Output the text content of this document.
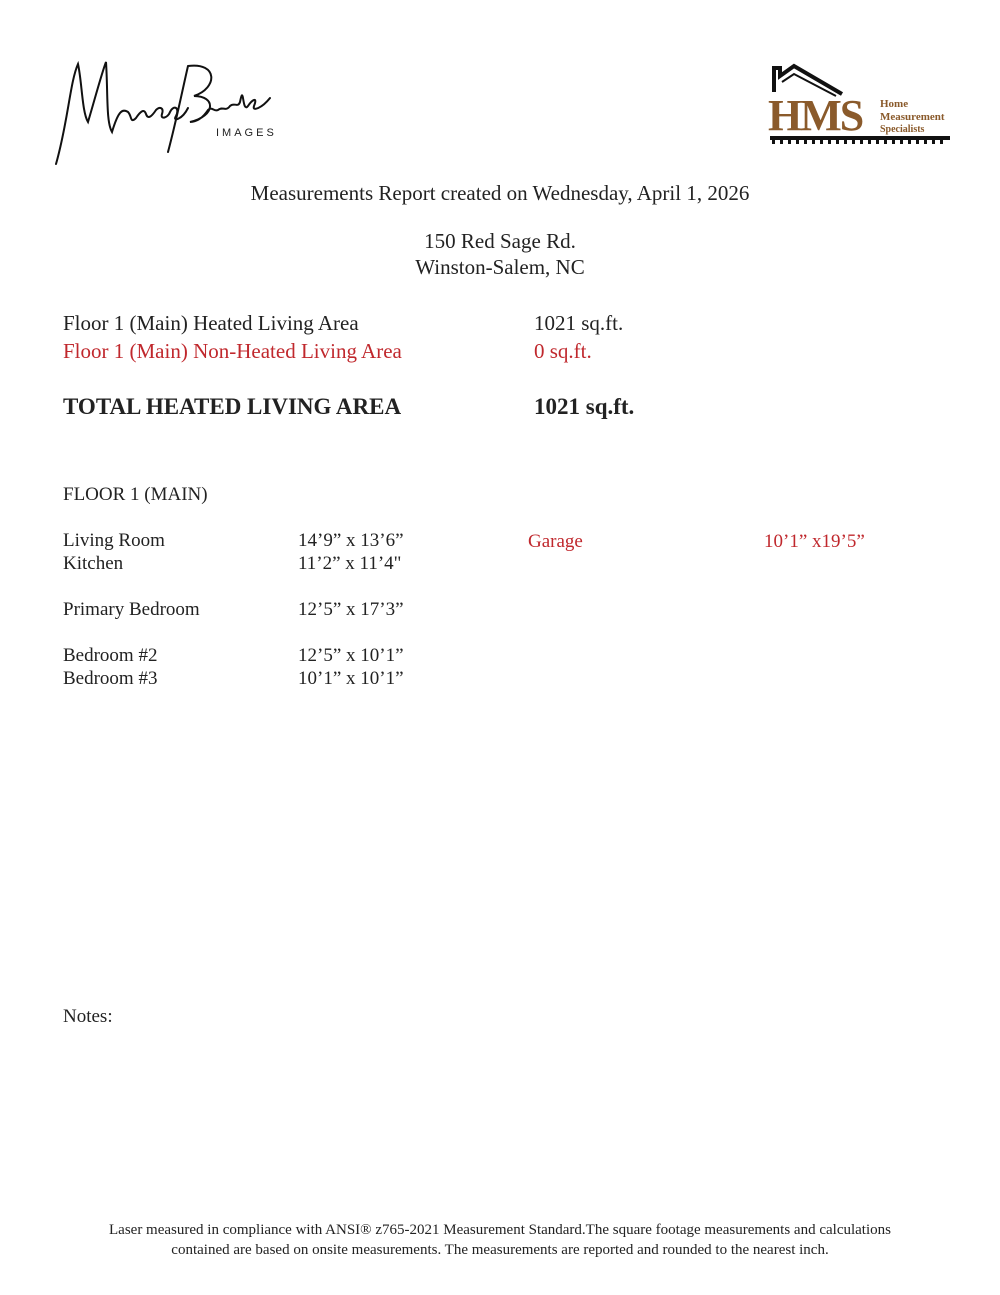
IMAGES	HMS Home
Measurement
Specialists
Measurements Report created on Wednesday, April 1, 2026
150 Red Sage Rd.
Winston-Salem, NC
Floor 1 (Main) Heated Living Area	1021 sq.ft.
Floor 1 (Main) Non-Heated Living Area	0 sq.ft.
TOTAL HEATED LIVING AREA	1021 sq.ft.
FLOOR 1 (MAIN)
Living Room	14’9” x 13’6”
Kitchen	11’2” x 11’4"
Primary Bedroom	12’5” x 17’3”
Bedroom #2	12’5” x 10’1”
Bedroom #3	10’1” x 10’1”
Garage	10’1” x19’5”
Notes:
Laser measured in compliance with ANSI® z765-2021 Measurement Standard.The square footage measurements and calculations
contained are based on onsite measurements. The measurements are reported and rounded to the nearest inch.
